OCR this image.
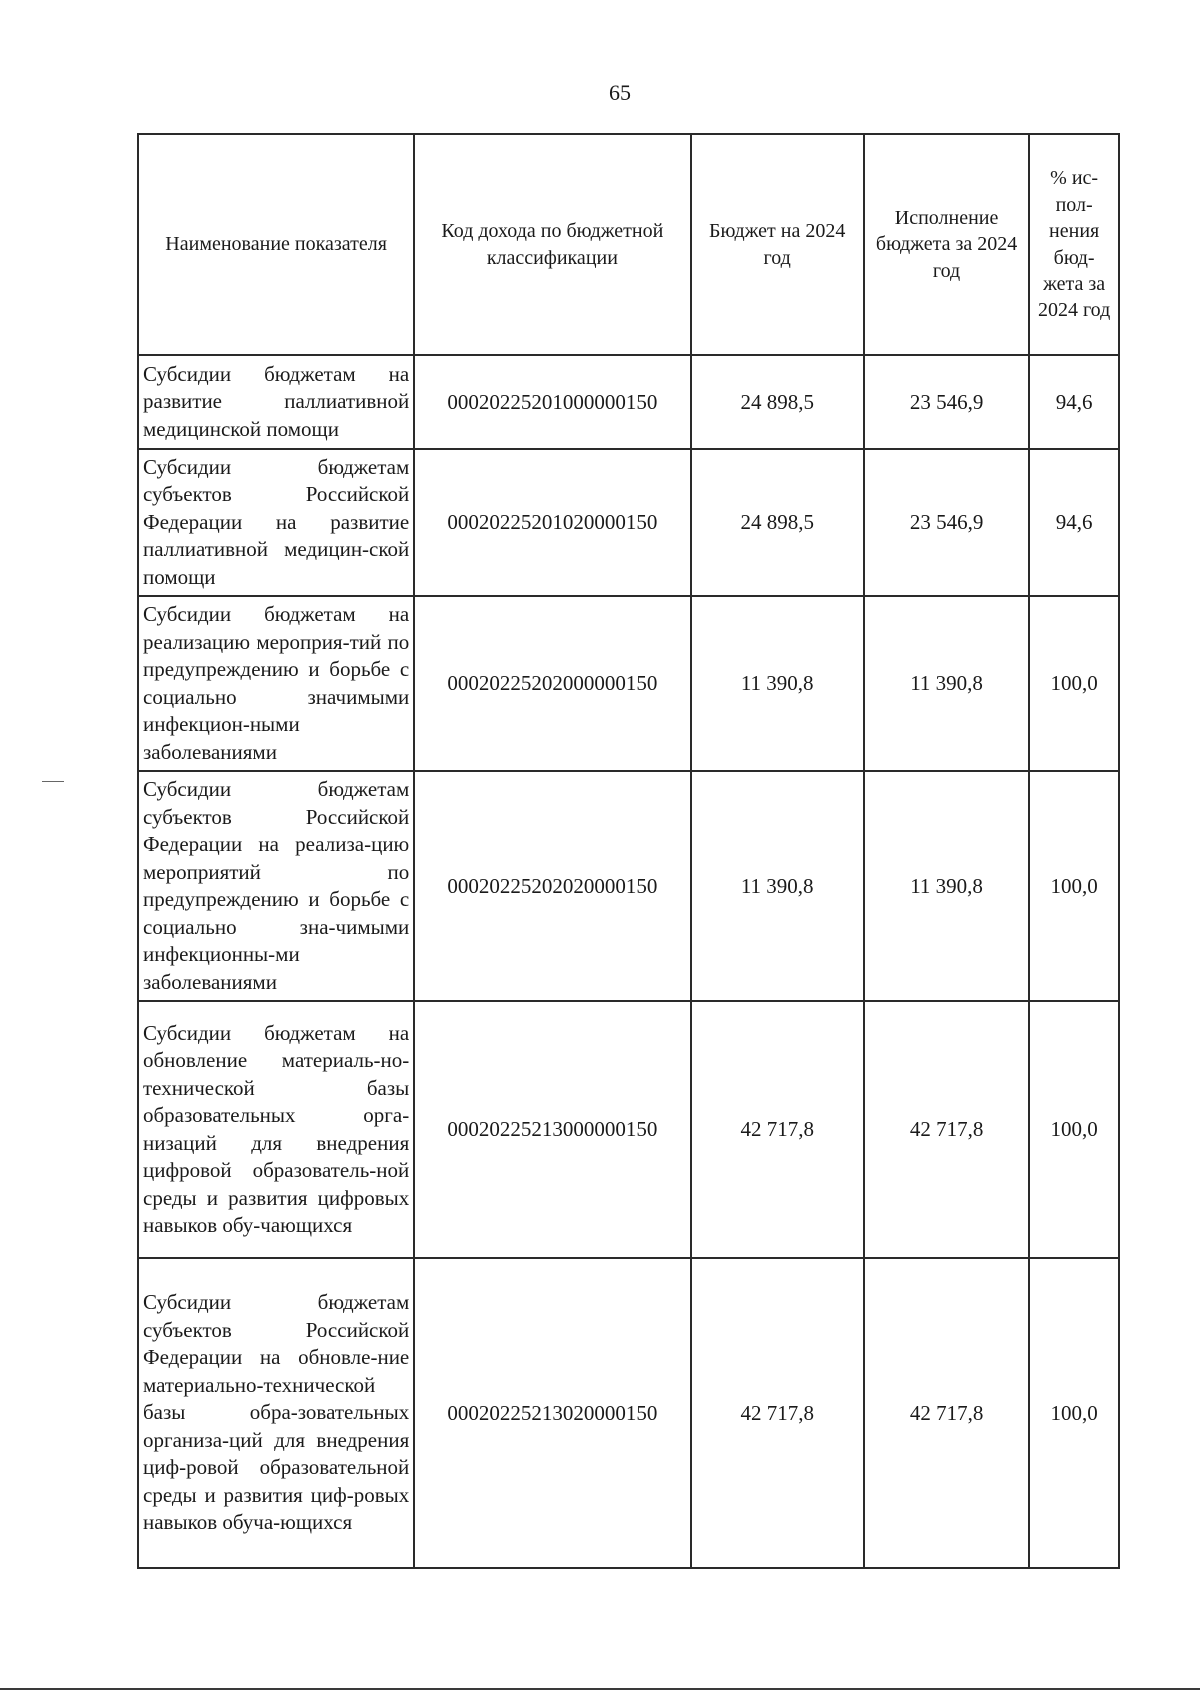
65
Наименование показателя	Код дохода по бюджетной классификации	Бюджет на 2024 год	Исполнение бюджета за 2024 год	% ис-пол-нения бюд-жета за 2024 год
Субсидии бюджетам на развитие паллиативной медицинской помощи	00020225201000000150	24 898,5	23 546,9	94,6
Субсидии бюджетам субъектов Российской Федерации на развитие паллиативной медицин-ской помощи	00020225201020000150	24 898,5	23 546,9	94,6
Субсидии бюджетам на реализацию мероприя-тий по предупреждению и борьбе с социально значимыми инфекцион-ными заболеваниями	00020225202000000150	11 390,8	11 390,8	100,0
Субсидии бюджетам субъектов Российской Федерации на реализа-цию мероприятий по предупреждению и борьбе с социально зна-чимыми инфекционны-ми заболеваниями	00020225202020000150	11 390,8	11 390,8	100,0
Субсидии бюджетам на обновление материаль-но-технической базы образовательных орга-низаций для внедрения цифровой образователь-ной среды и развития цифровых навыков обу-чающихся	00020225213000000150	42 717,8	42 717,8	100,0
Субсидии бюджетам субъектов Российской Федерации на обновле-ние материально-технической базы обра-зовательных организа-ций для внедрения циф-ровой образовательной среды и развития циф-ровых навыков обуча-ющихся	00020225213020000150	42 717,8	42 717,8	100,0
